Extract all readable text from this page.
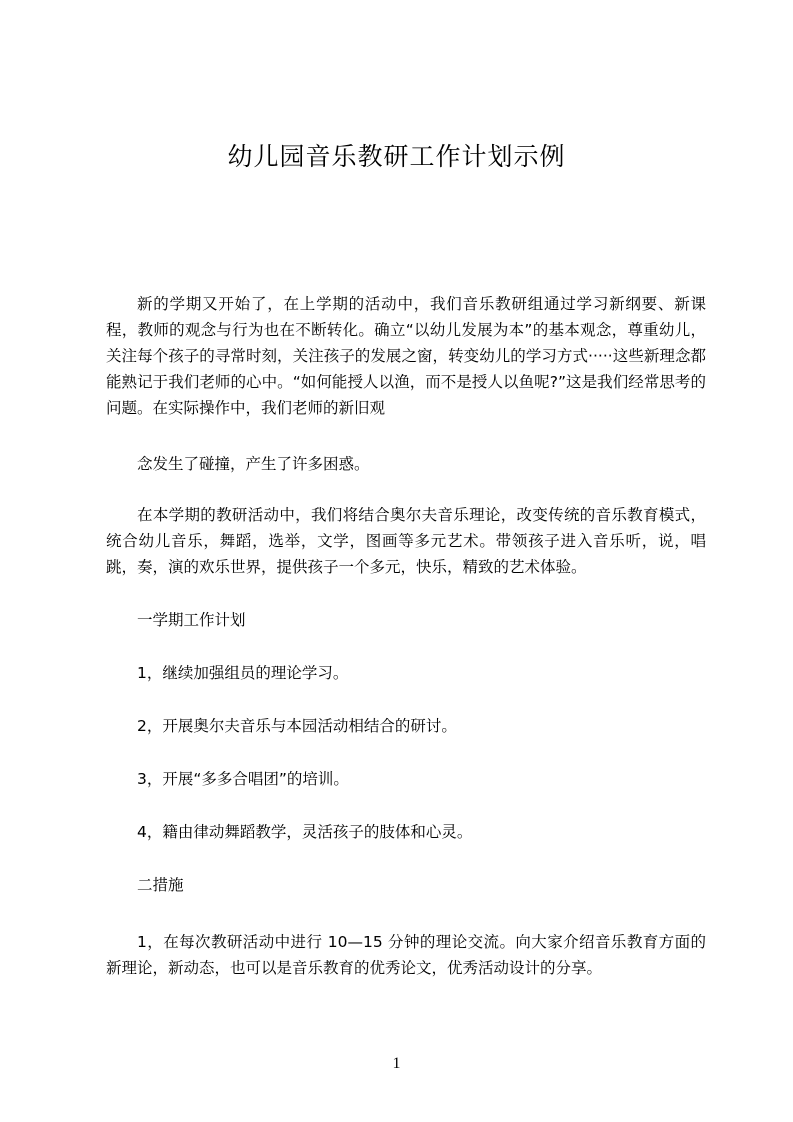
幼儿园音乐教研工作计划示例

新的学期又开始了，在上学期的活动中，我们音乐教研组通过学习新纲要、新课程，教师的观念与行为也在不断转化。确立“以幼儿发展为本”的基本观念，尊重幼儿，关注每个孩子的寻常时刻，关注孩子的发展之窗，转变幼儿的学习方式·····这些新理念都能熟记于我们老师的心中。“如何能授人以渔，而不是授人以鱼呢?”这是我们经常思考的问题。在实际操作中，我们老师的新旧观

念发生了碰撞，产生了许多困惑。

在本学期的教研活动中，我们将结合奥尔夫音乐理论，改变传统的音乐教育模式，统合幼儿音乐，舞蹈，选举，文学，图画等多元艺术。带领孩子进入音乐听，说，唱跳，奏，演的欢乐世界，提供孩子一个多元，快乐，精致的艺术体验。

一学期工作计划

1，继续加强组员的理论学习。

2，开展奥尔夫音乐与本园活动相结合的研讨。

3，开展“多多合唱团”的培训。

4，籍由律动舞蹈教学，灵活孩子的肢体和心灵。

二措施

1，在每次教研活动中进行 10—15 分钟的理论交流。向大家介绍音乐教育方面的新理论，新动态，也可以是音乐教育的优秀论文，优秀活动设计的分享。

1
